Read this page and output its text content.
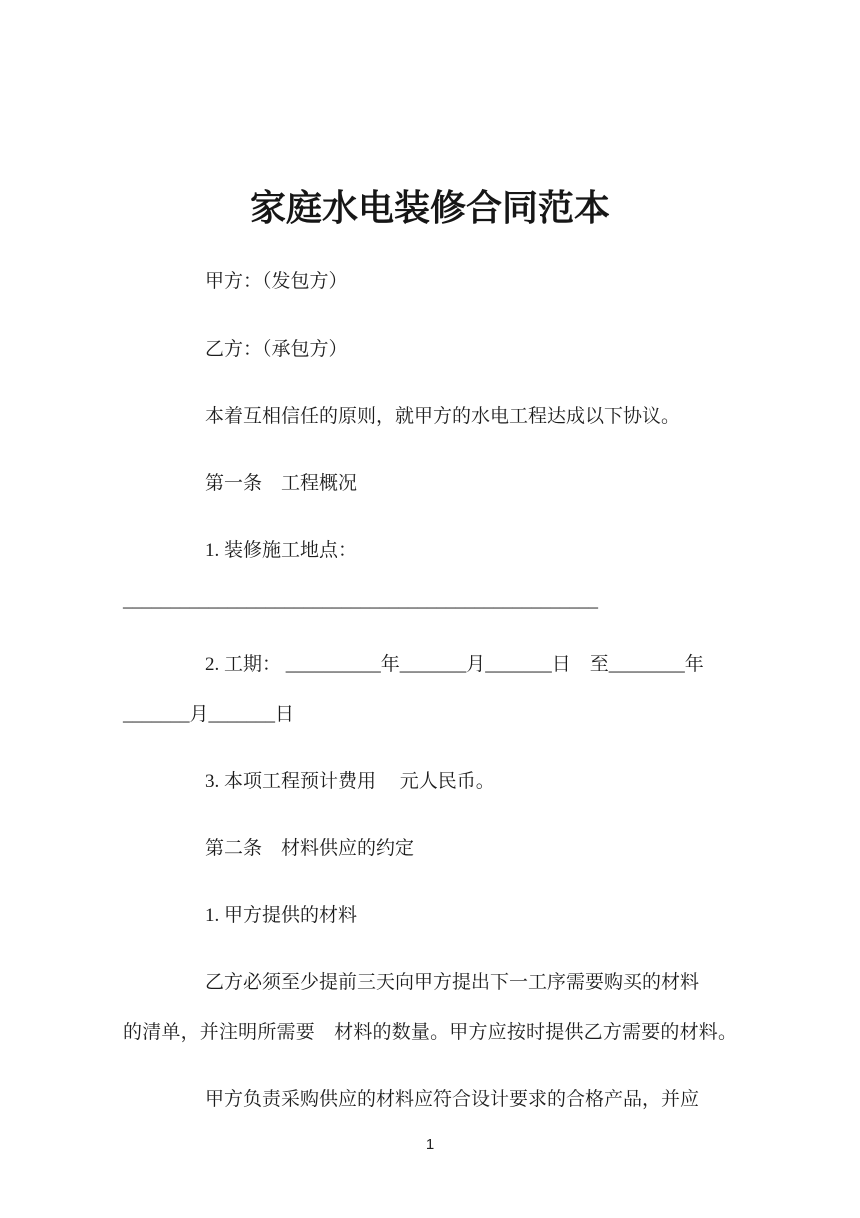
家庭水电装修合同范本
甲方：（发包方）
乙方：（承包方）
本着互相信任的原则，就甲方的水电工程达成以下协议。
第一条　工程概况
1. 装修施工地点：
__________________________________________________
2. 工期： __________年_______月_______日　至________年
_______月_______日
3. 本项工程预计费用　 元人民币。
第二条　材料供应的约定
1. 甲方提供的材料
乙方必须至少提前三天向甲方提出下一工序需要购买的材料
的清单，并注明所需要　材料的数量。甲方应按时提供乙方需要的材料。
甲方负责采购供应的材料应符合设计要求的合格产品，并应
1
